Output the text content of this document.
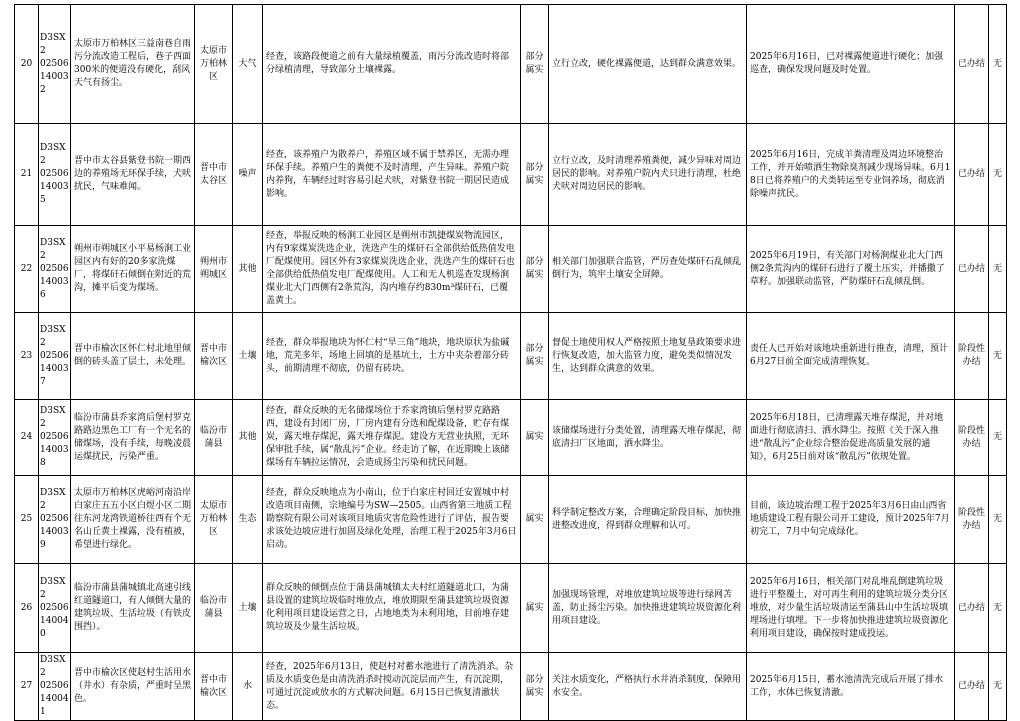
20	D3SX2
02506
14003
2	太原市万柏林区三益南巷自雨污分流改造工程后，巷子西面300米的便道没有硬化，刮风天气有扬尘。	太原市万柏林区	大气	经查，该路段便道之前有大量绿植覆盖，雨污分流改造时将部分绿植清理，导致部分土壤裸露。	部分属实	立行立改，硬化裸露便道，达到群众满意效果。	2025年6月16日，已对裸露便道进行硬化；加强巡查，确保发现问题及时处置。	已办结	无
21	D3SX2
02506
14003
5	晋中市太谷县紫登书院一期西边的养殖场无环保手续，犬吠扰民，气味难闻。	晋中市太谷区	噪声	经查，该养殖户为散养户，养殖区域不属于禁养区，无需办理环保手续。养殖户生的粪便不及时清理，产生异味。养殖户院内养狗，车辆经过时容易引起犬吠，对紫登书院一期居民造成影响。	部分属实	立行立改，及时清理养殖粪便，减少异味对周边居民的影响。对养殖户院内犬只进行清理，杜绝犬吠对周边居民的影响。	2025年6月16日，完成羊粪清理及周边环境整治工作，并开始喷洒生物除臭剂减少现场异味。6月18日已将养殖户的犬类转运至专业饲养场，彻底消除噪声扰民。	已办结	无
22	D3SX2
02506
14003
6	朔州市朔城区小平易杨涧工业园区内有好的20多家洗煤厂，将煤矸石倾倒在附近的荒沟，摊平后变为煤场。	朔州市朔城区	其他	经查，举报反映的杨涧工业园区是朔州市凯捷煤炭物流园区，内有9家煤炭洗选企业，洗选产生的煤矸石全部供给低热值发电厂配煤使用。园区外有3家煤炭洗选企业，洗选产生的煤矸石也全部供给低热值发电厂配煤使用。人工和无人机巡查发现杨涧煤业北大门西侧有2条荒沟，沟内堆存约830m³煤矸石，已覆盖黄土。	部分属实	相关部门加强联合监管，严厉查处煤矸石乱倾乱倒行为，筑牢土壤安全屏障。	2025年6月19日，有关部门对杨涧煤业北大门西侧2条荒沟内的煤矸石进行了覆土压实，并播撒了草籽。加强联动监管，严防煤矸石乱倾乱倒。	已办结	无
23	D3SX2
02506
14003
7	晋中市榆次区怀仁村北地里倾倒的砖头盖了层土，未处理。	晋中市榆次区	土壤	经查，群众举报地块为怀仁村“旱三角”地块，地块原状为盐碱地，荒芜多年，场地上回填的是基坑土，土方中夹杂着部分砖头，前期清理不彻底，仍留有砖块。	部分属实	督促土地使用权人严格按照土地复垦政策要求进行恢复改造，加大监管力度，避免类似情况发生，达到群众满意的效果。	责任人已开始对该地块重新进行推查，清理，预计6月27日前全面完成清理恢复。	阶段性办结	无
24	D3SX2
02506
14003
8	临汾市蒲县乔家湾后堡村罗克路路边黑色工厂有一个无名的储煤场，没有手续，每晚凌晨运煤扰民，污染严重。	临汾市蒲县	其他	经查，群众反映的无名储煤场位于乔家湾镇后堡村罗克路路西，建设有封闭厂房，厂房内建有分选和配煤设备，贮存有煤炭，露天堆存煤泥，露天堆存煤泥。建设方无营业执照，无环保审批手续，属“散乱污”企业。经走访了解，在近期晚上该储煤场有车辆拉运情况，会造成扬尘污染和扰民问题。	属实	该储煤场进行分类处置，清理露天堆存煤泥，彻底清扫厂区地面，洒水降尘。	2025年6月18日，已清理露天堆存煤泥，并对地面进行彻底清扫、洒水降尘。按照《关于深入推进“散乱污”企业综合整治促进高质量发展的通知》，6月25日前对该“散乱污”依规处置。	阶段性办结	无
25	D3SX2
02506
14003
9	太原市万柏林区虎峪河南沿岸白家庄五五小区白煜小区二期往东河龙湾铁道桥往西有个无名山丘黄土裸露，没有植被，希望进行绿化。	太原市万柏林区	生态	经查，群众反映地点为小南山，位于白家庄村回迁安置城中村改造项目南侧，宗地编号为SW—2505。山西省第三地质工程勘察院有限公司对该项目地质灾害危险性进行了评估，报告要求该处边坡应进行加固及绿化处理，治理工程于2025年3月6日启动。	属实	科学制定整改方案，合理确定阶段目标，加快推进整改进度，得到群众理解和认可。	目前，该边坡治理工程于2025年3月6日由山西省地质建设工程有限公司开工建设，预计2025年7月初完工，7月中旬完成绿化。	阶段性办结	无
26	D3SX2
02506
14004
0	临汾市蒲县蒲城镇北高速引线红道隧道口，有人倾倒大量的建筑垃圾、生活垃圾（有铁皮围挡）。	临汾市蒲县	土壤	群众反映的倾倒点位于蒲县蒲城镇太夫村红道隧道北口，为蒲县设置的建筑垃圾临时堆放点，堆放期限至蒲县建筑垃圾资源化利用项目建设运营之日，占地地类为未利用地，目前堆存建筑垃圾及少量生活垃圾。	属实	加强现场管理，对堆放建筑垃圾等进行绿网苫盖，防止扬尘污染。加快推进建筑垃圾资源化利用项目建设。	2025年6月16日，相关部门对乱堆乱倒建筑垃圾进行平整覆土，对可再生利用的建筑垃圾分类分区堆放，对少量生活垃圾清运至蒲县山中生活垃圾填埋场进行填埋。下一步将加快推进建筑垃圾资源化利用项目建设，确保按时建成投运。	已办结	无
27	D3SX2
02506
14004
1	晋中市榆次区使赵村生活用水（井水）有杂质，严重时呈黑色。	晋中市榆次区	水	经查，2025年6月13日，使赵村对蓄水池进行了清洗消杀。杂质及水质变色是由清洗消杀时搅动沉淀层而产生，有沉淀期，可通过沉淀或放水的方式解决问题。6月15日已恢复清澈状态。	部分属实	关注水质变化，严格执行水井消杀制度，保障用水安全。	2025年6月15日，蓄水池清洗完成后开展了排水工作，水体已恢复清澈。	已办结	无
